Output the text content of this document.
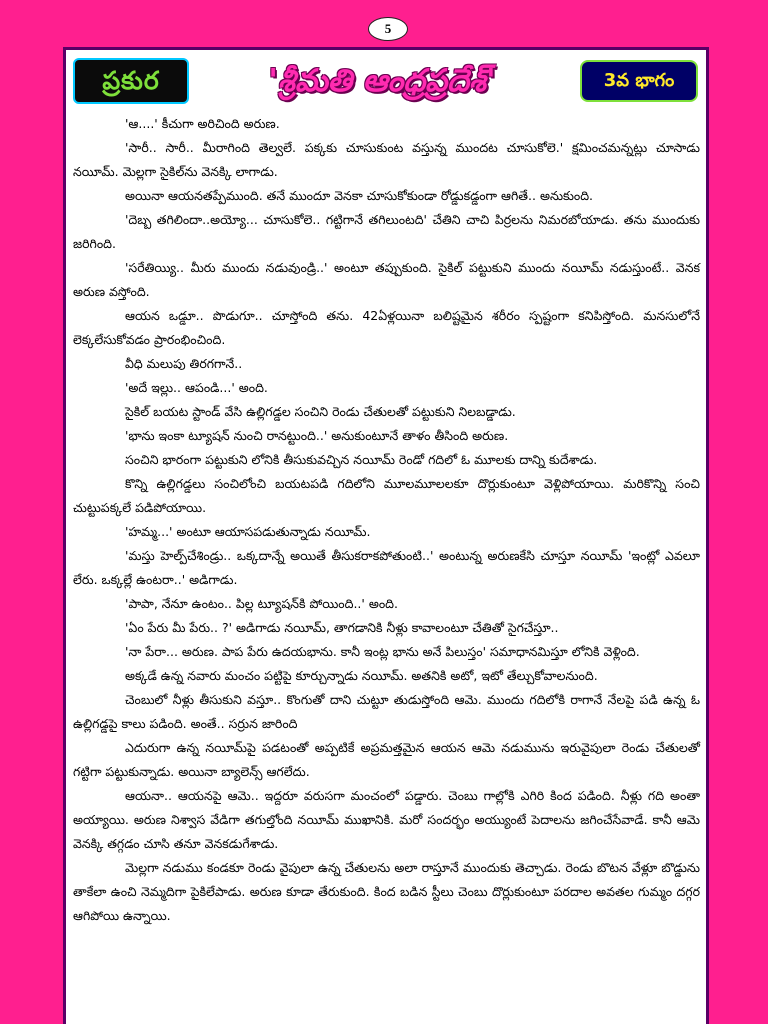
5
ప్రకుర	'శ్రీమతి ఆంధ్రప్రదేశ్'	3వ భాగం

'ఆ....' కీచుగా అరిచింది అరుణ.

'సారీ.. సారీ.. మీరాగింది తెల్వలే. పక్కకు చూసుకుంట వస్తున్న ముందట చూసుకోలె.' క్షమించమన్నట్లు చూసాడు నయీమ్. మెల్లగా సైకిల్‌ను వెనక్కి లాగాడు.

అయినా ఆయనతప్పేముంది. తనే ముందూ వెనకా చూసుకోకుండా రోడ్డుకడ్డంగా ఆగితే.. అనుకుంది.

'దెబ్బ తగిలిందా..అయ్యో... చూసుకోలె.. గట్టిగానే తగిలుంటది' చేతిని చాచి పిర్రలను నిమరబోయాడు. తను ముందుకు జరిగింది.

'సరేతియ్యి.. మీరు ముందు నడువుండ్రి..' అంటూ తప్పుకుంది. సైకిల్ పట్టుకుని ముందు నయీమ్ నడుస్తుంటే.. వెనక అరుణ వస్తోంది.

ఆయన ఒడ్డూ.. పొడుగూ.. చూస్తోంది తను. 42ఏళ్లయినా బలిష్టమైన శరీరం స్పష్టంగా కనిపిస్తోంది. మనసులోనే లెక్కలేసుకోవడం ప్రారంభించింది.

వీధి మలుపు తిరగగానే..

'అదే ఇల్లు.. ఆపండి...' అంది.

సైకిల్ బయట స్టాండ్ వేసి ఉల్లిగడ్డల సంచిని రెండు చేతులతో పట్టుకుని నిలబడ్డాడు.

'భాను ఇంకా ట్యూషన్ నుంచి రానట్టుంది..' అనుకుంటూనే తాళం తీసింది అరుణ.

సంచిని భారంగా పట్టుకుని లోనికి తీసుకువచ్చిన నయీమ్ రెండో గదిలో ఓ మూలకు దాన్ని కుదేశాడు.

కొన్ని ఉల్లిగడ్డలు సంచిలోంచి బయటపడి గదిలోని మూలమూలలకూ దొర్లుకుంటూ వెళ్లిపోయాయి. మరికొన్ని సంచి చుట్టుపక్కలే పడిపోయాయి.

'హమ్మ...' అంటూ ఆయాసపడుతున్నాడు నయీమ్.

'మస్తు హెల్ప్‌చేశిండ్రు.. ఒక్కదాన్నే అయితే తీసుకరాకపోతుంటి..' అంటున్న అరుణకేసి చూస్తూ నయీమ్ 'ఇంట్లో ఎవలూ లేరు. ఒక్కల్లే ఉంటరా..' అడిగాడు.

'పాపా, నేనూ ఉంటం.. పిల్ల ట్యూషన్‌కి పోయింది..' అంది.

'ఏం పేరు మీ పేరు.. ?' అడిగాడు నయీమ్, తాగడానికి నీళ్లు కావాలంటూ చేతితో సైగచేస్తూ..

'నా పేరా... అరుణ. పాప పేరు ఉదయభాను. కానీ ఇంట్ల భాను అనే పిలుస్తం' సమాధానమిస్తూ లోనికి వెళ్లింది.

అక్కడే ఉన్న నవారు మంచం పట్టిపై కూర్చున్నాడు నయీమ్. అతనికి అటో, ఇటో తేల్చుకోవాలనుంది.

చెంబులో నీళ్లు తీసుకుని వస్తూ.. కొంగుతో దాని చుట్టూ తుడుస్తోంది ఆమె. ముందు గదిలోకి రాగానే నేలపై పడి ఉన్న ఓ ఉల్లిగడ్డపై కాలు పడింది. అంతే.. సర్రున జారింది

ఎదురుగా ఉన్న నయీమ్‌పై పడటంతో అప్పటికే అప్రమత్తమైన ఆయన ఆమె నడుమును ఇరువైపులా రెండు చేతులతో గట్టిగా పట్టుకున్నాడు. అయినా బ్యాలెన్స్ ఆగలేదు.

ఆయనా.. ఆయనపై ఆమె.. ఇద్దరూ వరుసగా మంచంలో పడ్డారు. చెంబు గాల్లోకి ఎగిరి కింద పడింది. నీళ్లు గది అంతా అయ్యాయి. అరుణ నిశ్వాస వేడిగా తగుల్తోంది నయీమ్ ముఖానికి. మరో సందర్భం అయ్యుంటే పెదాలను జగించేసేవాడే. కానీ ఆమె వెనక్కి తగ్గడం చూసి తనూ వెనకడుగేశాడు.

మెల్లగా నడుము కండకూ రెండు వైపులా ఉన్న చేతులను అలా రాస్తూనే ముందుకు తెచ్చాడు. రెండు బొటన వేళ్లూ బొడ్డును తాకేలా ఉంచి నెమ్మదిగా పైకిలేపాడు. అరుణ కూడా తేరుకుంది. కింద బడిన స్టీలు చెంబు దొర్లుకుంటూ పరదాల అవతల గుమ్మం దగ్గర ఆగిపోయి ఉన్నాయి.
